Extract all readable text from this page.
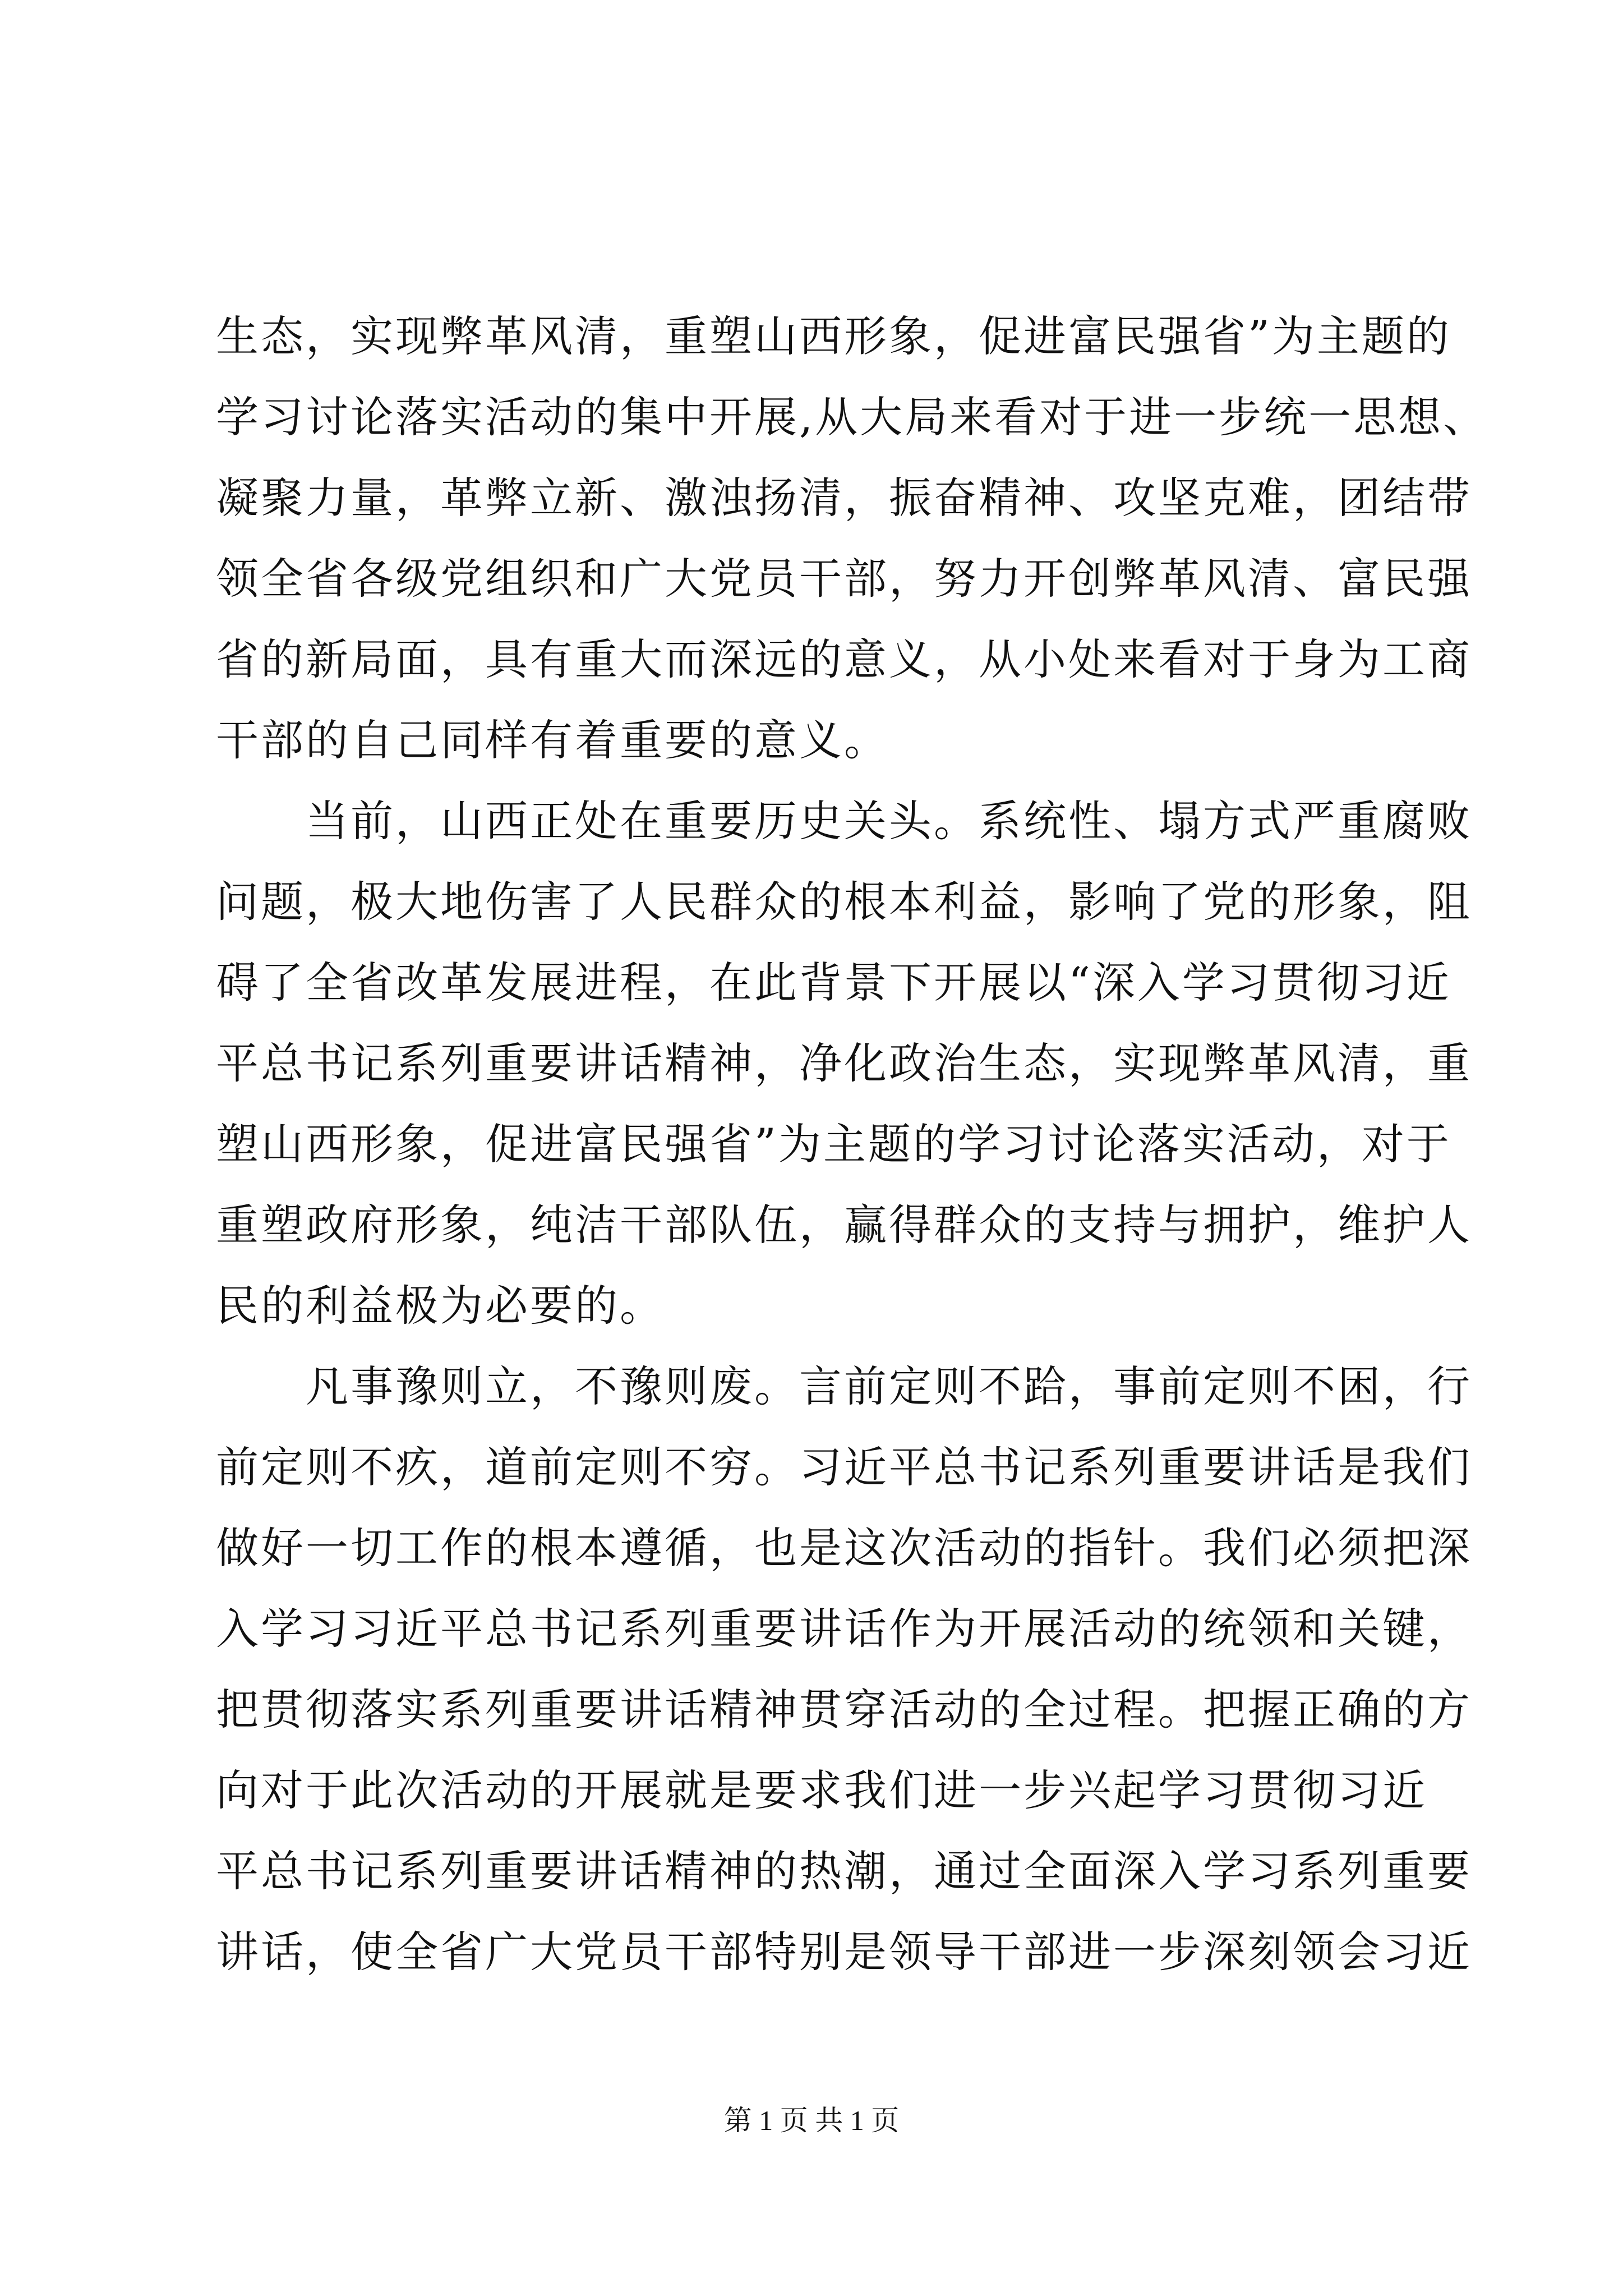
生态，实现弊革风清，重塑山西形象，促进富民强省”为主题的
学习讨论落实活动的集中开展,从大局来看对于进一步统一思想、
凝聚力量，革弊立新、激浊扬清，振奋精神、攻坚克难，团结带
领全省各级党组织和广大党员干部，努力开创弊革风清、富民强
省的新局面，具有重大而深远的意义，从小处来看对于身为工商
干部的自己同样有着重要的意义。
当前，山西正处在重要历史关头。系统性、塌方式严重腐败
问题，极大地伤害了人民群众的根本利益，影响了党的形象，阻
碍了全省改革发展进程，在此背景下开展以“深入学习贯彻习近
平总书记系列重要讲话精神，净化政治生态，实现弊革风清，重
塑山西形象，促进富民强省”为主题的学习讨论落实活动，对于
重塑政府形象，纯洁干部队伍，赢得群众的支持与拥护，维护人
民的利益极为必要的。
凡事豫则立，不豫则废。言前定则不跲，事前定则不困，行
前定则不疚，道前定则不穷。习近平总书记系列重要讲话是我们
做好一切工作的根本遵循，也是这次活动的指针。我们必须把深
入学习习近平总书记系列重要讲话作为开展活动的统领和关键，
把贯彻落实系列重要讲话精神贯穿活动的全过程。把握正确的方
向对于此次活动的开展就是要求我们进一步兴起学习贯彻习近
平总书记系列重要讲话精神的热潮，通过全面深入学习系列重要
讲话，使全省广大党员干部特别是领导干部进一步深刻领会习近
第 1 页 共 1 页
